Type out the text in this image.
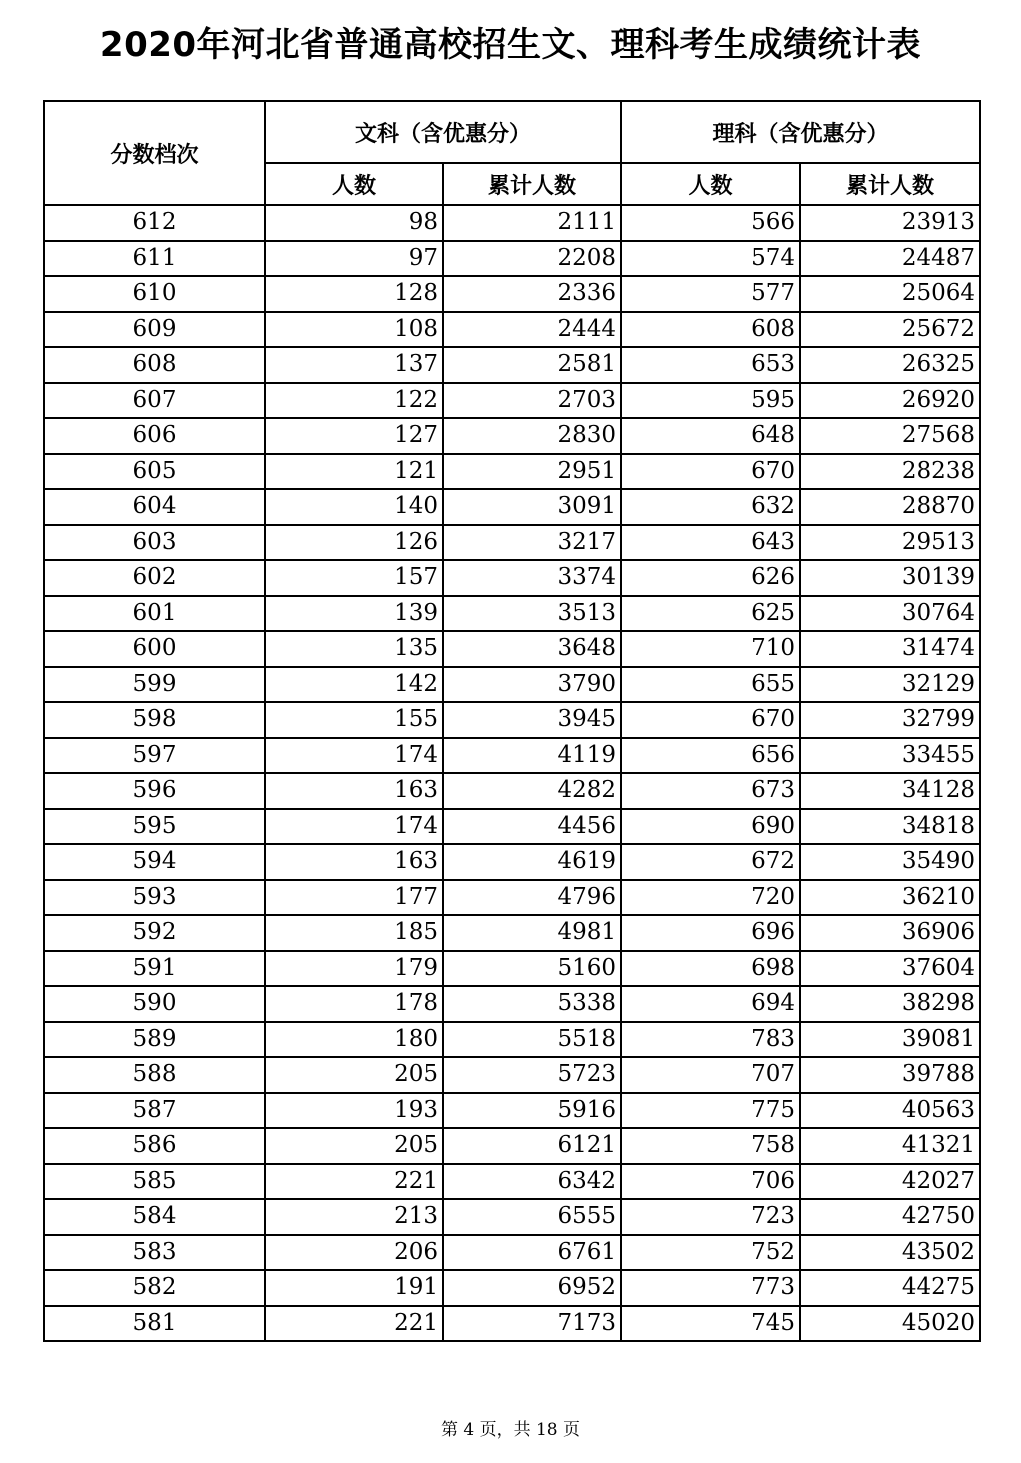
2020年河北省普通高校招生文、理科考生成绩统计表
分数档次	文科（含优惠分）		理科（含优惠分）	
	人数	累计人数	人数	累计人数
612	98	2111	566	23913
611	97	2208	574	24487
610	128	2336	577	25064
609	108	2444	608	25672
608	137	2581	653	26325
607	122	2703	595	26920
606	127	2830	648	27568
605	121	2951	670	28238
604	140	3091	632	28870
603	126	3217	643	29513
602	157	3374	626	30139
601	139	3513	625	30764
600	135	3648	710	31474
599	142	3790	655	32129
598	155	3945	670	32799
597	174	4119	656	33455
596	163	4282	673	34128
595	174	4456	690	34818
594	163	4619	672	35490
593	177	4796	720	36210
592	185	4981	696	36906
591	179	5160	698	37604
590	178	5338	694	38298
589	180	5518	783	39081
588	205	5723	707	39788
587	193	5916	775	40563
586	205	6121	758	41321
585	221	6342	706	42027
584	213	6555	723	42750
583	206	6761	752	43502
582	191	6952	773	44275
581	221	7173	745	45020
第 4 页，共 18 页
